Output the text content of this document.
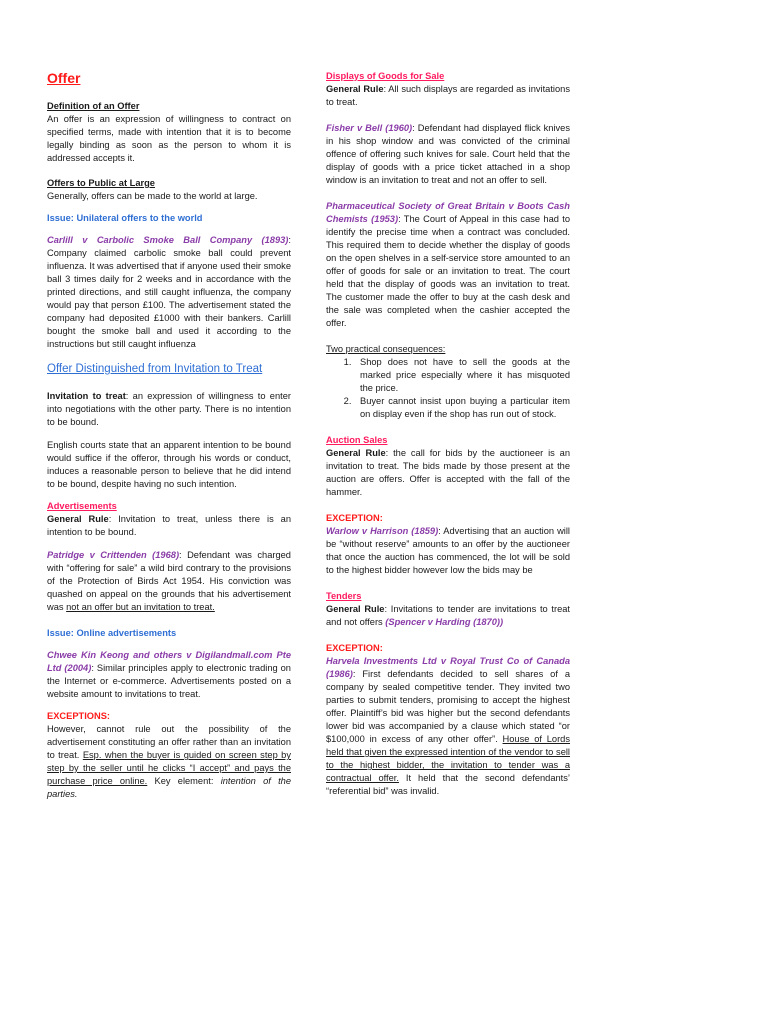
Offer
Definition of an Offer

An offer is an expression of willingness to contract on specified terms, made with intention that it is to become legally binding as soon as the person to whom it is addressed accepts it.

Offers to Public at Large

Generally, offers can be made to the world at large.

Issue: Unilateral offers to the world

Carlill v Carbolic Smoke Ball Company (1893): Company claimed carbolic smoke ball could prevent influenza. It was advertised that if anyone used their smoke ball 3 times daily for 2 weeks and in accordance with the printed directions, and still caught influenza, the company would pay that person £100. The advertisement stated the company had deposited £1000 with their bankers. Carlill bought the smoke ball and used it according to the instructions but still caught influenza

Offer Distinguished from Invitation to Treat

Invitation to treat: an expression of willingness to enter into negotiations with the other party. There is no intention to be bound.

English courts state that an apparent intention to be bound would suffice if the offeror, through his words or conduct, induces a reasonable person to believe that he did intend to be bound, despite having no such intention.

Advertisements

General Rule: Invitation to treat, unless there is an intention to be bound.

Patridge v Crittenden (1968): Defendant was charged with “offering for sale” a wild bird contrary to the provisions of the Protection of Birds Act 1954. His conviction was quashed on appeal on the grounds that his advertisement was not an offer but an invitation to treat.

Issue: Online advertisements

Chwee Kin Keong and others v Digilandmall.com Pte Ltd (2004): Similar principles apply to electronic trading on the Internet or e-commerce. Advertisements posted on a website amount to invitations to treat.

EXCEPTIONS:

However, cannot rule out the possibility of the advertisement constituting an offer rather than an invitation to treat. Esp. when the buyer is guided on screen step by step by the seller until he clicks “I accept” and pays the purchase price online. Key element: intention of the parties.

Displays of Goods for Sale

General Rule: All such displays are regarded as invitations to treat.

Fisher v Bell (1960): Defendant had displayed flick knives in his shop window and was convicted of the criminal offence of offering such knives for sale. Court held that the display of goods with a price ticket attached in a shop window is an invitation to treat and not an offer to sell.

Pharmaceutical Society of Great Britain v Boots Cash Chemists (1953): The Court of Appeal in this case had to identify the precise time when a contract was concluded. This required them to decide whether the display of goods on the open shelves in a self-service store amounted to an offer of goods for sale or an invitation to treat. The court held that the display of goods was an invitation to treat. The customer made the offer to buy at the cash desk and the sale was completed when the cashier accepted the offer.

Two practical consequences:

1. Shop does not have to sell the goods at the marked price especially where it has misquoted the price.
2. Buyer cannot insist upon buying a particular item on display even if the shop has run out of stock.
Auction Sales

General Rule: the call for bids by the auctioneer is an invitation to treat. The bids made by those present at the auction are offers. Offer is accepted with the fall of the hammer.

EXCEPTION:

Warlow v Harrison (1859): Advertising that an auction will be “without reserve” amounts to an offer by the auctioneer that once the auction has commenced, the lot will be sold to the highest bidder however low the bids may be

Tenders

General Rule: Invitations to tender are invitations to treat and not offers (Spencer v Harding (1870))

EXCEPTION:

Harvela Investments Ltd v Royal Trust Co of Canada (1986): First defendants decided to sell shares of a company by sealed competitive tender. They invited two parties to submit tenders, promising to accept the highest offer. Plaintiff’s bid was higher but the second defendants lower bid was accompanied by a clause which stated “or $100,000 in excess of any other offer”. House of Lords held that given the expressed intention of the vendor to sell to the highest bidder, the invitation to tender was a contractual offer. It held that the second defendants’ “referential bid” was invalid.
